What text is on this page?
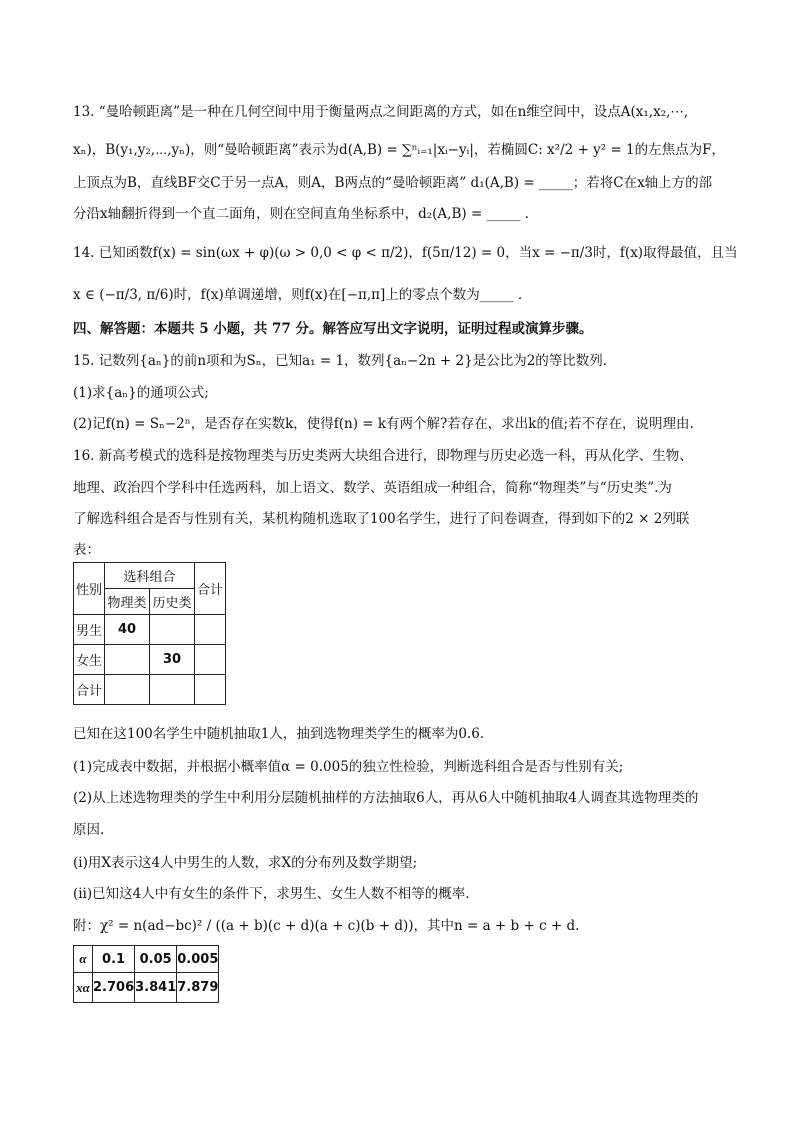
13. “曼哈顿距离”是一种在几何空间中用于衡量两点之间距离的方式，如在n维空间中，设点A(x₁,x₂,⋯,
xₙ)，B(y₁,y₂,⋯,yₙ)，则“曼哈顿距离”表示为d(A,B) = ∑ⁿᵢ₌₁|xᵢ−yᵢ|，若椭圆C: x²/2 + y² = 1的左焦点为F，
上顶点为B，直线BF交C于另一点A，则A，B两点的“曼哈顿距离” d₁(A,B) = _____；若将C在x轴上方的部
分沿x轴翻折得到一个直二面角，则在空间直角坐标系中，d₂(A,B) = _____ .
14. 已知函数f(x) = sin(ωx + φ)(ω > 0,0 < φ < π/2)，f(5π/12) = 0，当x = −π/3时，f(x)取得最值，且当
x ∈ (−π/3, π/6)时，f(x)单调递增，则f(x)在[−π,π]上的零点个数为_____ .
四、解答题：本题共 5 小题，共 77 分。解答应写出文字说明，证明过程或演算步骤。
15. 记数列{aₙ}的前n项和为Sₙ，已知a₁ = 1，数列{aₙ−2n + 2}是公比为2的等比数列.
(1)求{aₙ}的通项公式;
(2)记f(n) = Sₙ−2ⁿ，是否存在实数k，使得f(n) = k有两个解?若存在，求出k的值;若不存在，说明理由.
16. 新高考模式的选科是按物理类与历史类两大块组合进行，即物理与历史必选一科，再从化学、生物、
地理、政治四个学科中任选两科，加上语文、数学、英语组成一种组合，简称“物理类”与“历史类”.为
了解选科组合是否与性别有关，某机构随机选取了100名学生，进行了问卷调查，得到如下的2 × 2列联
表：
性别	选科组合		合计
	物理类	历史类	
男生	40		
女生		30	
合计			
已知在这100名学生中随机抽取1人，抽到选物理类学生的概率为0.6.
(1)完成表中数据，并根据小概率值α = 0.005的独立性检验，判断选科组合是否与性别有关;
(2)从上述选物理类的学生中利用分层随机抽样的方法抽取6人，再从6人中随机抽取4人调查其选物理类的
原因.
(ⅰ)用X表示这4人中男生的人数，求X的分布列及数学期望;
(ⅱ)已知这4人中有女生的条件下，求男生、女生人数不相等的概率.
附：χ² = n(ad−bc)² / ((a + b)(c + d)(a + c)(b + d))，其中n = a + b + c + d.
α	0.1	0.05	0.005
xα	2.706	3.841	7.879
